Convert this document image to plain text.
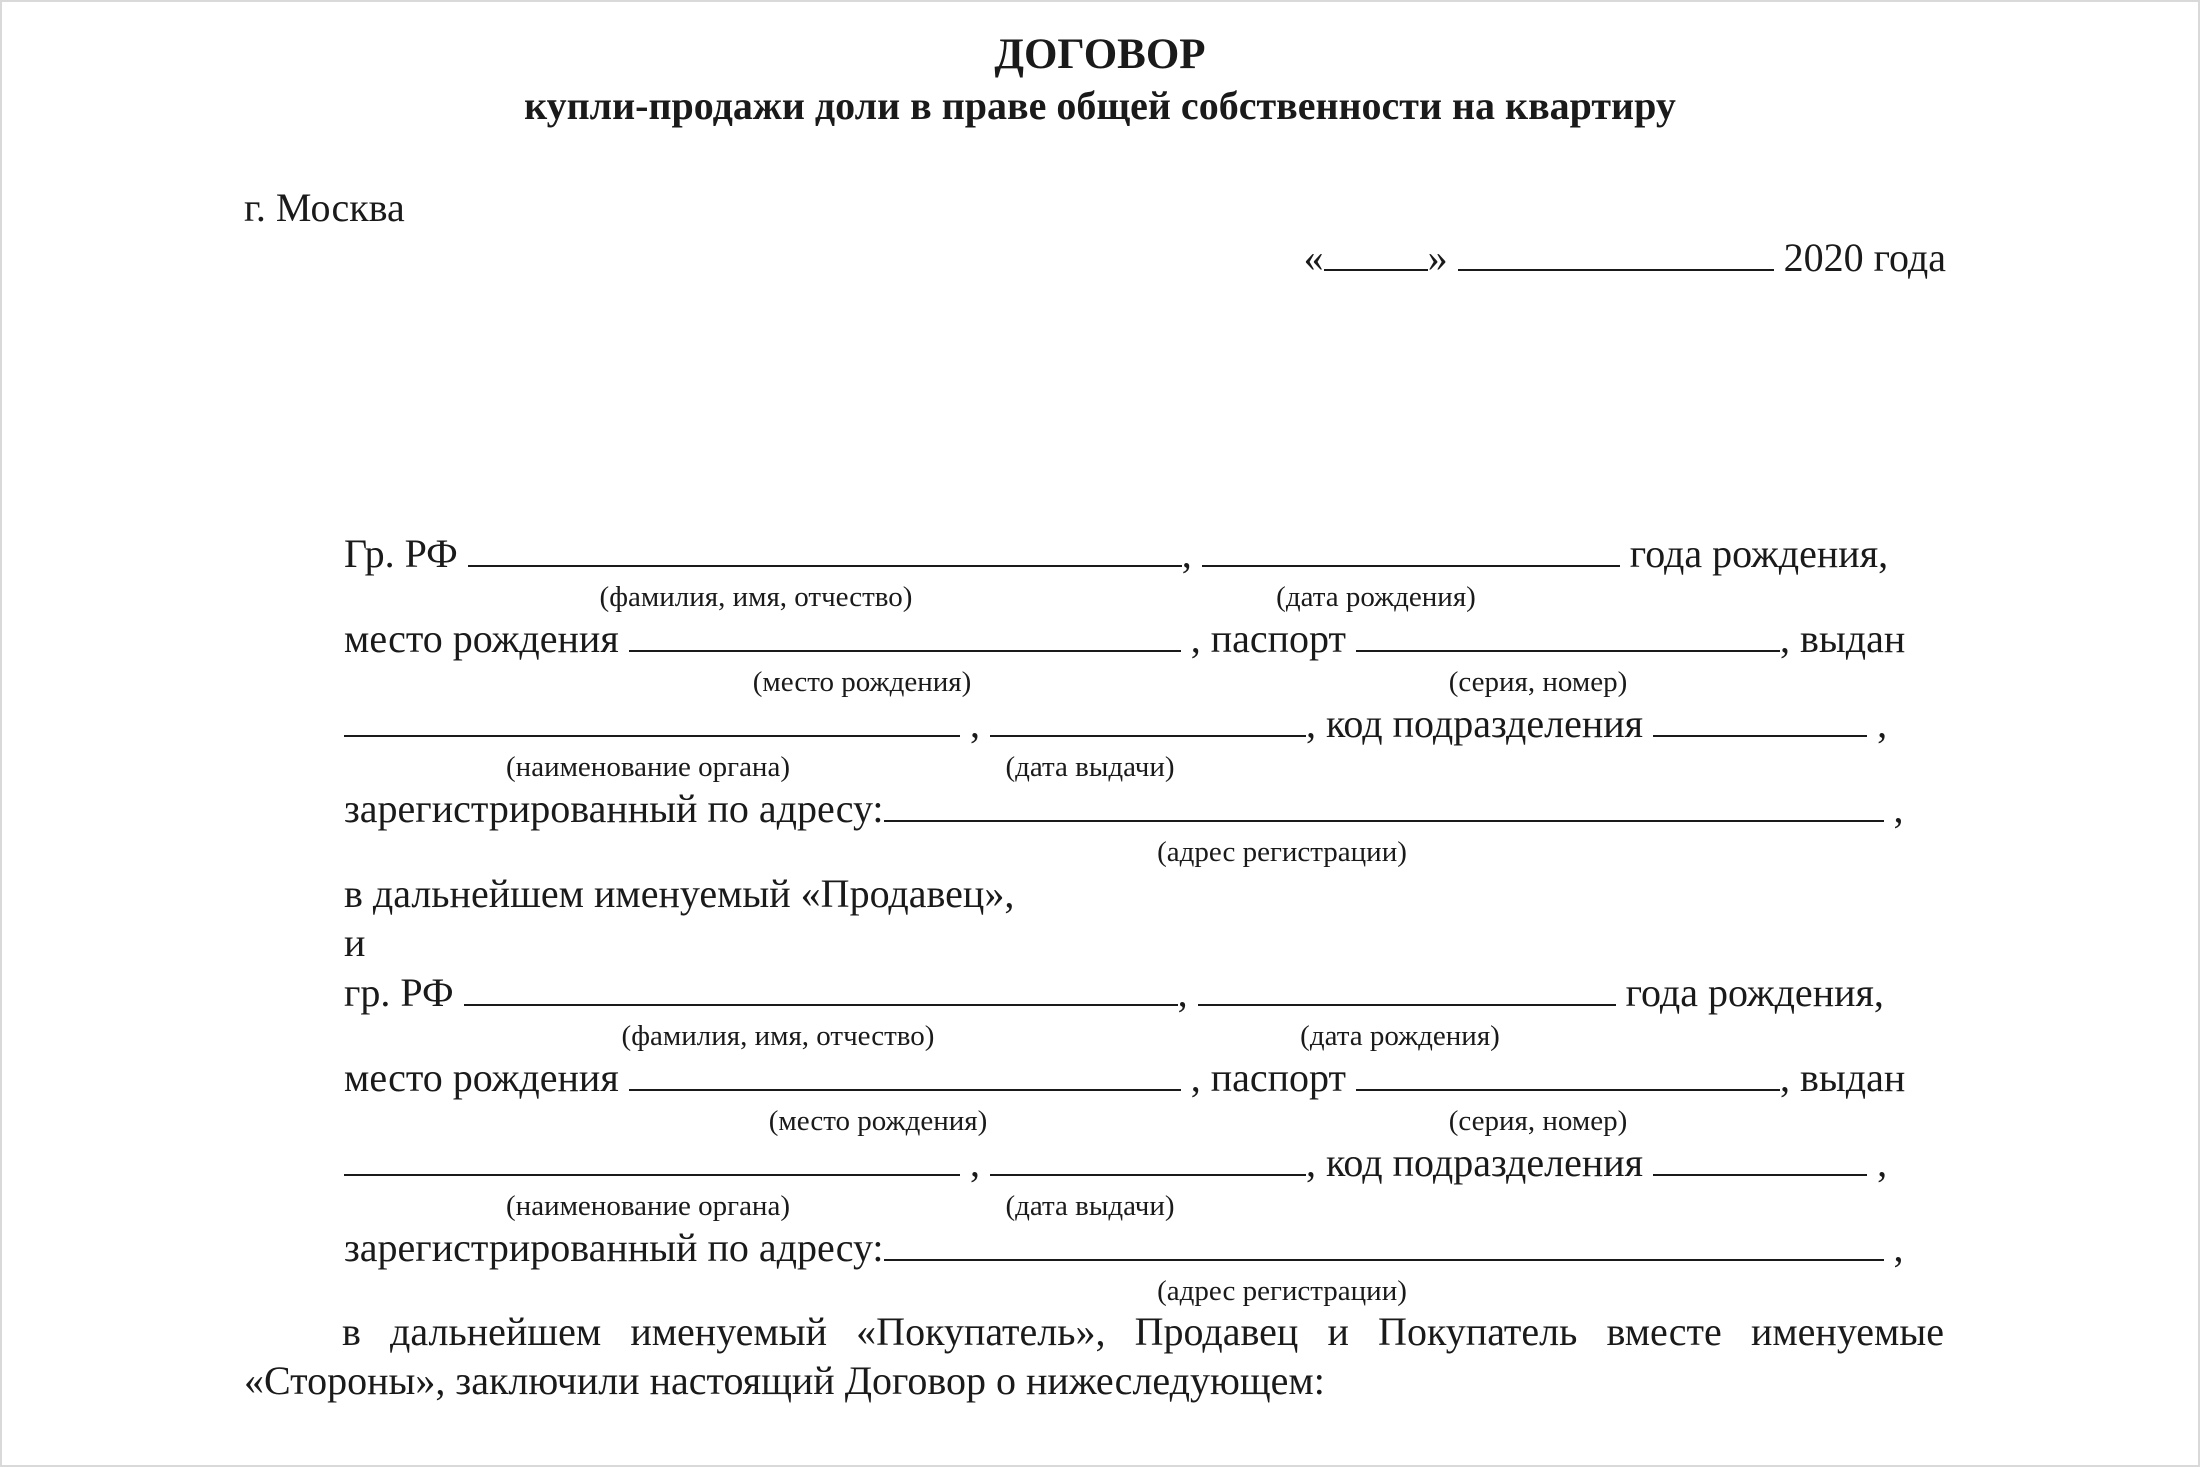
ДОГОВОР
купли-продажи доли в праве общей собственности на квартиру
г. Москва
«	»	2020 года
Гр. РФ	,	года рождения,
(фамилия, имя, отчество)	(дата рождения)
место рождения	, паспорт	, выдан
(место рождения)	(серия, номер)
,	, код подразделения	,
(наименование органа)	(дата выдачи)
зарегистрированный по адресу:	,
(адрес регистрации)
в дальнейшем именуемый «Продавец»,
и
гр. РФ	,	года рождения,
(фамилия, имя, отчество)	(дата рождения)
место рождения	, паспорт	, выдан
(место рождения)	(серия, номер)
,	, код подразделения	,
(наименование органа)	(дата выдачи)
зарегистрированный по адресу:	,
(адрес регистрации)
в дальнейшем именуемый «Покупатель», Продавец и Покупатель вместе именуемые «Стороны», заключили настоящий Договор о нижеследующем:
